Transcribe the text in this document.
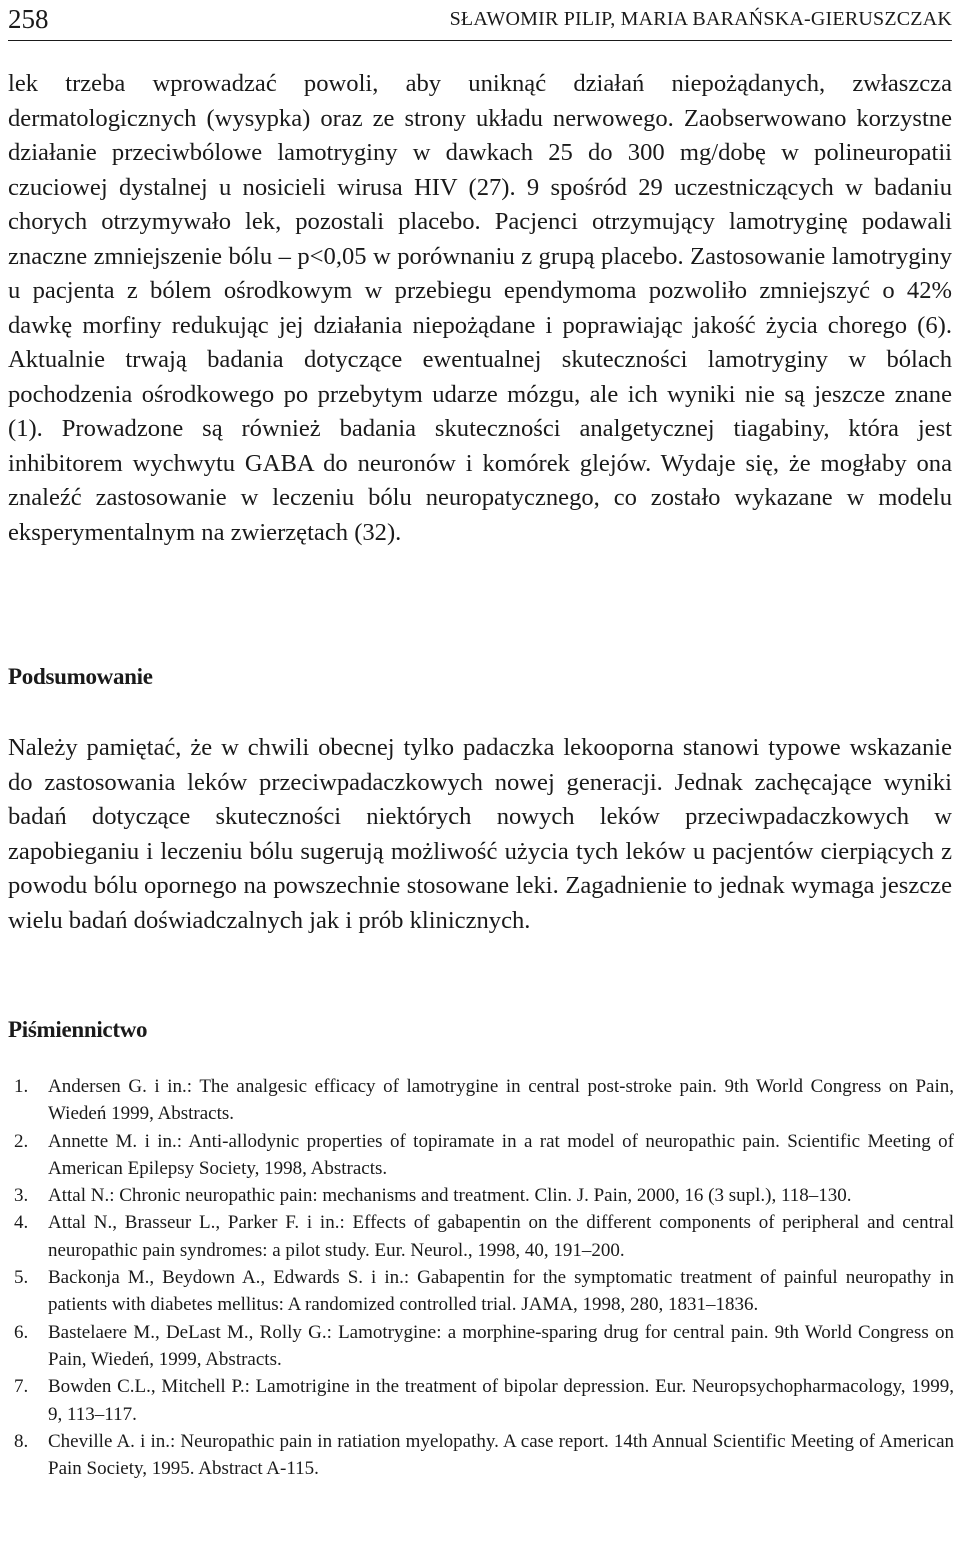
258	SŁAWOMIR PILIP, MARIA BARAŃSKA-GIERUSZCZAK

lek trzeba wprowadzać powoli, aby uniknąć działań niepożądanych, zwłaszcza dermatologicznych (wysypka) oraz ze strony układu nerwowego. Zaobserwowano korzystne działanie przeciwbólowe lamotryginy w dawkach 25 do 300 mg/dobę w polineuropatii czuciowej dystalnej u nosicieli wirusa HIV (27). 9 spośród 29 uczestniczących w badaniu chorych otrzymywało lek, pozostali placebo. Pacjenci otrzymujący lamotryginę podawali znaczne zmniejszenie bólu – p<0,05 w porównaniu z grupą placebo. Zastosowanie lamotryginy u pacjenta z bólem ośrodkowym w przebiegu ependymoma pozwoliło zmniejszyć o 42% dawkę morfiny redukując jej działania niepożądane i poprawiając jakość życia chorego (6). Aktualnie trwają badania dotyczące ewentualnej skuteczności lamotryginy w bólach pochodzenia ośrodkowego po przebytym udarze mózgu, ale ich wyniki nie są jeszcze znane (1). Prowadzone są również badania skuteczności analgetycznej tiagabiny, która jest inhibitorem wychwytu GABA do neuronów i komórek glejów. Wydaje się, że mogłaby ona znaleźć zastosowanie w leczeniu bólu neuropatycznego, co zostało wykazane w modelu eksperymentalnym na zwierzętach (32).

Podsumowanie

Należy pamiętać, że w chwili obecnej tylko padaczka lekooporna stanowi typowe wskazanie do zastosowania leków przeciwpadaczkowych nowej generacji. Jednak zachęcające wyniki badań dotyczące skuteczności niektórych nowych leków przeciwpadaczkowych w zapobieganiu i leczeniu bólu sugerują możliwość użycia tych leków u pacjentów cierpiących z powodu bólu opornego na powszechnie stosowane leki. Zagadnienie to jednak wymaga jeszcze wielu badań doświadczalnych jak i prób klinicznych.

Piśmiennictwo
1. Andersen G. i in.: The analgesic efficacy of lamotrygine in central post-stroke pain. 9th World Congress on Pain, Wiedeń 1999, Abstracts.
2. Annette M. i in.: Anti-allodynic properties of topiramate in a rat model of neuropathic pain. Scientific Meeting of American Epilepsy Society, 1998, Abstracts.
3. Attal N.: Chronic neuropathic pain: mechanisms and treatment. Clin. J. Pain, 2000, 16 (3 supl.), 118–130.
4. Attal N., Brasseur L., Parker F. i in.: Effects of gabapentin on the different components of peripheral and central neuropathic pain syndromes: a pilot study. Eur. Neurol., 1998, 40, 191–200.
5. Backonja M., Beydown A., Edwards S. i in.: Gabapentin for the symptomatic treatment of painful neuropathy in patients with diabetes mellitus: A randomized controlled trial. JAMA, 1998, 280, 1831–1836.
6. Bastelaere M., DeLast M., Rolly G.: Lamotrygine: a morphine-sparing drug for central pain. 9th World Congress on Pain, Wiedeń, 1999, Abstracts.
7. Bowden C.L., Mitchell P.: Lamotrigine in the treatment of bipolar depression. Eur. Neuropsychopharmacology, 1999, 9, 113–117.
8. Cheville A. i in.: Neuropathic pain in ratiation myelopathy. A case report. 14th Annual Scientific Meeting of American Pain Society, 1995. Abstract A-115.
